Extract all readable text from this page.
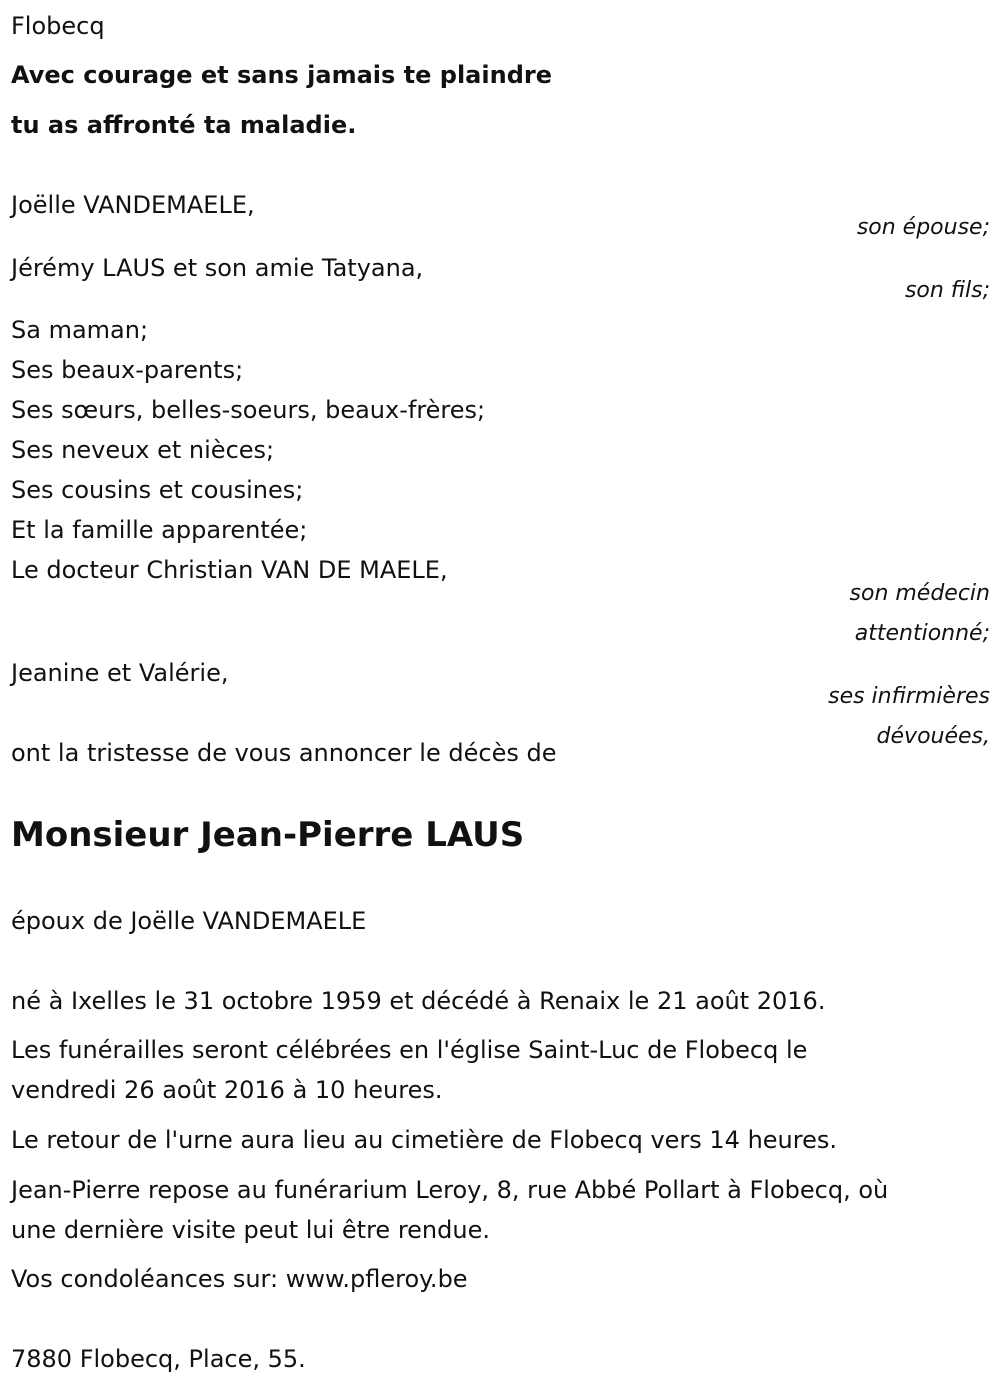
Flobecq

Avec courage et sans jamais te plaindre

tu as affronté ta maladie.

Joëlle VANDEMAELE,

son épouse;

Jérémy LAUS et son amie Tatyana,

son fils;

Sa maman;
Ses beaux-parents;
Ses sœurs, belles-soeurs, beaux-frères;
Ses neveux et nièces;
Ses cousins et cousines;
Et la famille apparentée;
Le docteur Christian VAN DE MAELE,

son médecin

attentionné;

Jeanine et Valérie,

ses infirmières

dévouées,

ont la tristesse de vous annoncer le décès de

Monsieur Jean-Pierre LAUS

époux de Joëlle VANDEMAELE

né à Ixelles le 31 octobre 1959 et décédé à Renaix le 21 août 2016.

Les funérailles seront célébrées en l'église Saint-Luc de Flobecq le

vendredi 26 août 2016 à 10 heures.

Le retour de l'urne aura lieu au cimetière de Flobecq vers 14 heures.

Jean-Pierre repose au funérarium Leroy, 8, rue Abbé Pollart à Flobecq, où

une dernière visite peut lui être rendue.

Vos condoléances sur: www.pfleroy.be

7880 Flobecq, Place, 55.
